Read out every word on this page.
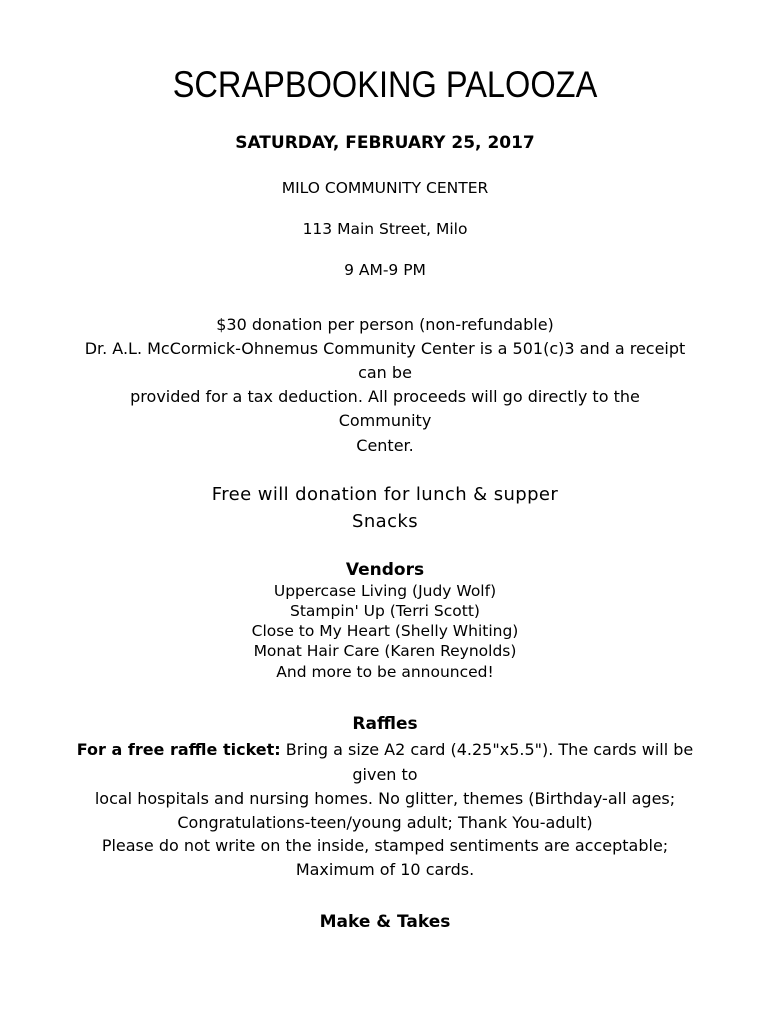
SCRAPBOOKING PALOOZA
SATURDAY, FEBRUARY 25, 2017
MILO COMMUNITY CENTER
113 Main Street, Milo
9 AM-9 PM
$30 donation per person (non-refundable)
Dr. A.L. McCormick-Ohnemus Community Center is a 501(c)3 and a receipt
can be
provided for a tax deduction. All proceeds will go directly to the
Community
Center.
Free will donation for lunch & supper
Snacks
Vendors
Uppercase Living (Judy Wolf)
Stampin' Up (Terri Scott)
Close to My Heart (Shelly Whiting)
Monat Hair Care (Karen Reynolds)
And more to be announced!
Raffles
For a free raffle ticket: Bring a size A2 card (4.25"x5.5"). The cards will be
given to
local hospitals and nursing homes. No glitter, themes (Birthday-all ages;
Congratulations-teen/young adult; Thank You-adult)
Please do not write on the inside, stamped sentiments are acceptable;
Maximum of 10 cards.
Make & Takes
